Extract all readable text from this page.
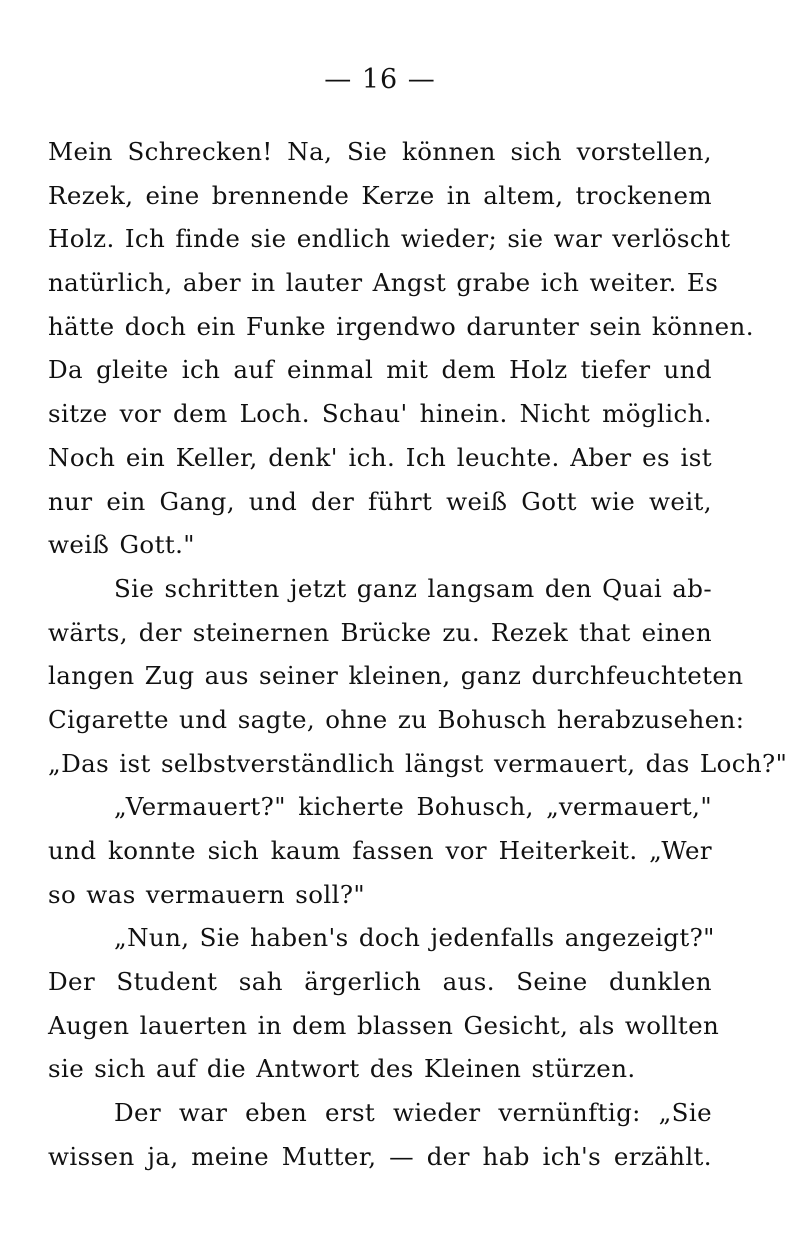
— 16 —
Mein Schrecken! Na, Sie können sich vorstellen,
Rezek, eine brennende Kerze in altem, trockenem
Holz. Ich finde sie endlich wieder; sie war verlöscht
natürlich, aber in lauter Angst grabe ich weiter. Es
hätte doch ein Funke irgendwo darunter sein können.
Da gleite ich auf einmal mit dem Holz tiefer und
sitze vor dem Loch. Schau' hinein. Nicht möglich.
Noch ein Keller, denk' ich. Ich leuchte. Aber es ist
nur ein Gang, und der führt weiß Gott wie weit,
weiß Gott."
Sie schritten jetzt ganz langsam den Quai ab-
wärts, der steinernen Brücke zu. Rezek that einen
langen Zug aus seiner kleinen, ganz durchfeuchteten
Cigarette und sagte, ohne zu Bohusch herabzusehen:
„Das ist selbstverständlich längst vermauert, das Loch?"
„Vermauert?" kicherte Bohusch, „vermauert,"
und konnte sich kaum fassen vor Heiterkeit. „Wer
so was vermauern soll?"
„Nun, Sie haben's doch jedenfalls angezeigt?"
Der Student sah ärgerlich aus. Seine dunklen
Augen lauerten in dem blassen Gesicht, als wollten
sie sich auf die Antwort des Kleinen stürzen.
Der war eben erst wieder vernünftig: „Sie
wissen ja, meine Mutter, — der hab ich's erzählt.
